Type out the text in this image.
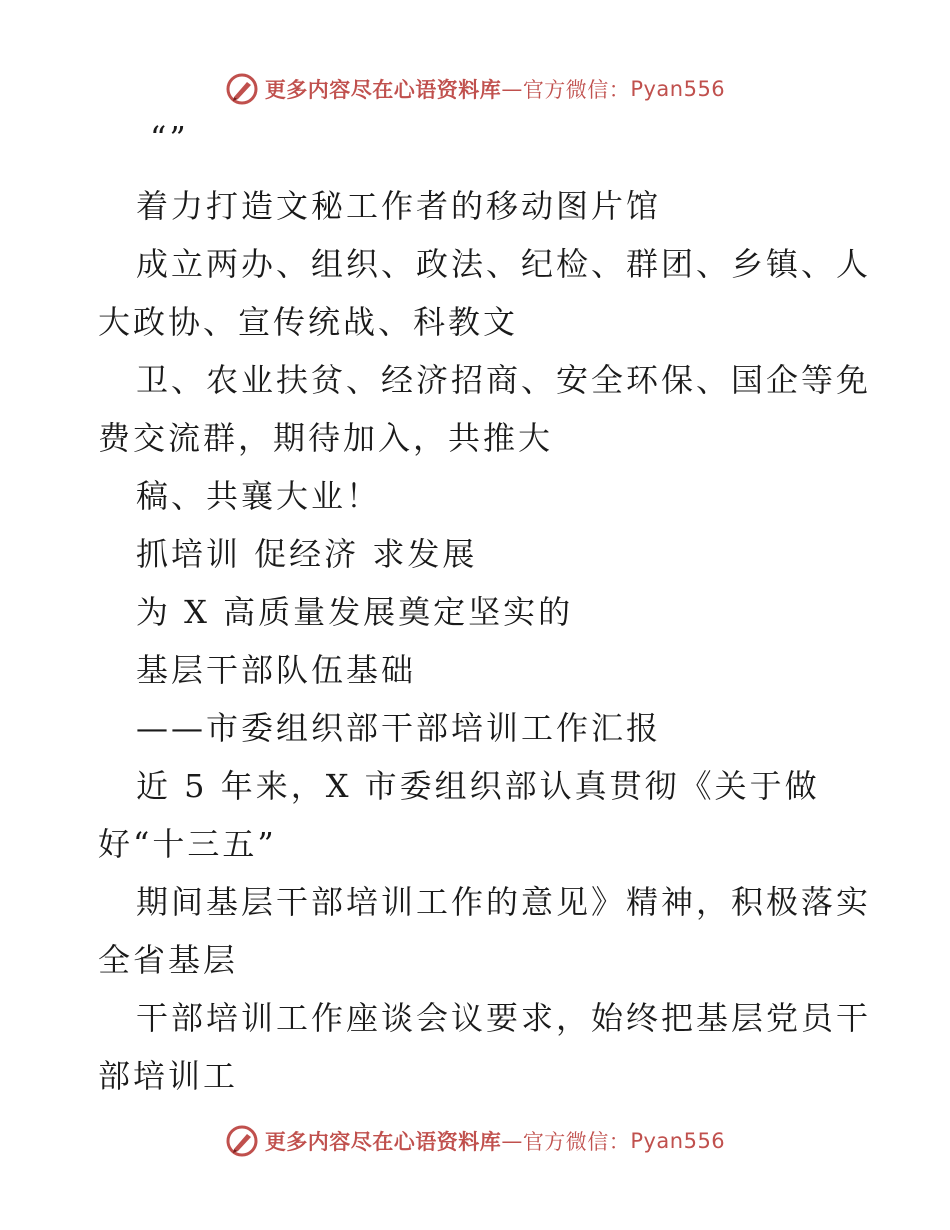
更多内容尽在心语资料库 — 官方微信： Pyan556
“”
着力打造文秘工作者的移动图片馆
成立两办、组织、政法、纪检、群团、乡镇、人
大政协、宣传统战、科教文
卫、农业扶贫、经济招商、安全环保、国企等免
费交流群，期待加入，共推大
稿、共襄大业！
抓培训 促经济 求发展
为 X 高质量发展奠定坚实的
基层干部队伍基础
——市委组织部干部培训工作汇报
近 5 年来，X 市委组织部认真贯彻《关于做
好“十三五”
期间基层干部培训工作的意见》精神，积极落实
全省基层
干部培训工作座谈会议要求，始终把基层党员干
部培训工
更多内容尽在心语资料库 — 官方微信： Pyan556
